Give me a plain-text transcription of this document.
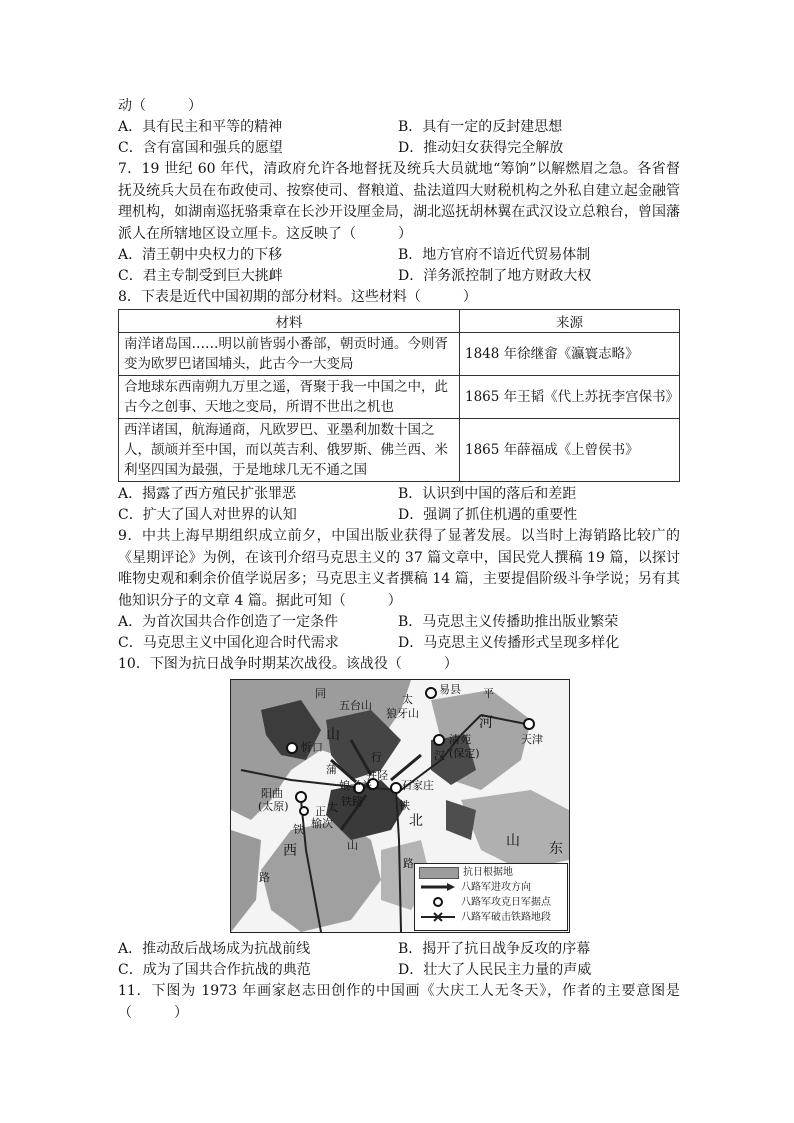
动（　　　）
A．具有民主和平等的精神	B．具有一定的反封建思想
C．含有富国和强兵的愿望	D．推动妇女获得完全解放
7．19 世纪 60 年代，清政府允许各地督抚及统兵大员就地“筹饷”以解燃眉之急。各省督抚及统兵大员在布政使司、按察使司、督粮道、盐法道四大财税机构之外私自建立起金融管理机构，如湖南巡抚骆秉章在长沙开设厘金局，湖北巡抚胡林翼在武汉设立总粮台，曾国藩派人在所辖地区设立厘卡。这反映了（　　　）
A．清王朝中央权力的下移	B．地方官府不谙近代贸易体制
C．君主专制受到巨大挑衅	D．洋务派控制了地方财政大权
8．下表是近代中国初期的部分材料。这些材料（　　　）
材料	来源
南洋诸岛国……明以前皆弱小番部，朝贡时通。今则胥变为欧罗巴诸国埔头，此古今一大变局	1848 年徐继畲《瀛寰志略》
合地球东西南朔九万里之遥，胥聚于我一中国之中，此古今之创事、天地之变局，所谓不世出之机也	1865 年王韬《代上苏抚李宫保书》
西洋诸国，航海通商，凡欧罗巴、亚墨利加数十国之人，颉颃并至中国，而以英吉利、俄罗斯、佛兰西、米利坚四国为最强，于是地球几无不通之国	1865 年薛福成《上曾侯书》
A．揭露了西方殖民扩张罪恶	B．认识到中国的落后和差距
C．扩大了国人对世界的认知	D．强调了抓住机遇的重要性
9．中共上海早期组织成立前夕，中国出版业获得了显著发展。以当时上海销路比较广的《星期评论》为例，在该刊介绍马克思主义的 37 篇文章中，国民党人撰稿 19 篇，以探讨唯物史观和剩余价值学说居多；马克思主义者撰稿 14 篇，主要提倡阶级斗争学说；另有其他知识分子的文章 4 篇。据此可知（　　　）
A．为首次国共合作创造了一定条件	B．马克思主义传播助推出版业繁荣
C．马克思主义中国化迎合时代需求	D．马克思主义传播形式呈现多样化
10．下图为抗日战争时期某次战役。该战役（　　　）
同
五台山	太
狼牙山
易县 平
山
忻口
蒲
行
清苑
(保定)
河
汉
天津
娘子关
井陉
石家庄
阳曲
(太原) 正 太 铁路
榆次
铁
铁
北
西	山	山 东
路
路	抗日根据地
八路军进攻方向
八路军攻克日军据点
八路军破击铁路地段
A．推动敌后战场成为抗战前线	B．揭开了抗日战争反攻的序幕
C．成为了国共合作抗战的典范	D．壮大了人民民主力量的声威
11．下图为 1973 年画家赵志田创作的中国画《大庆工人无冬天》，作者的主要意图是（　　　）
